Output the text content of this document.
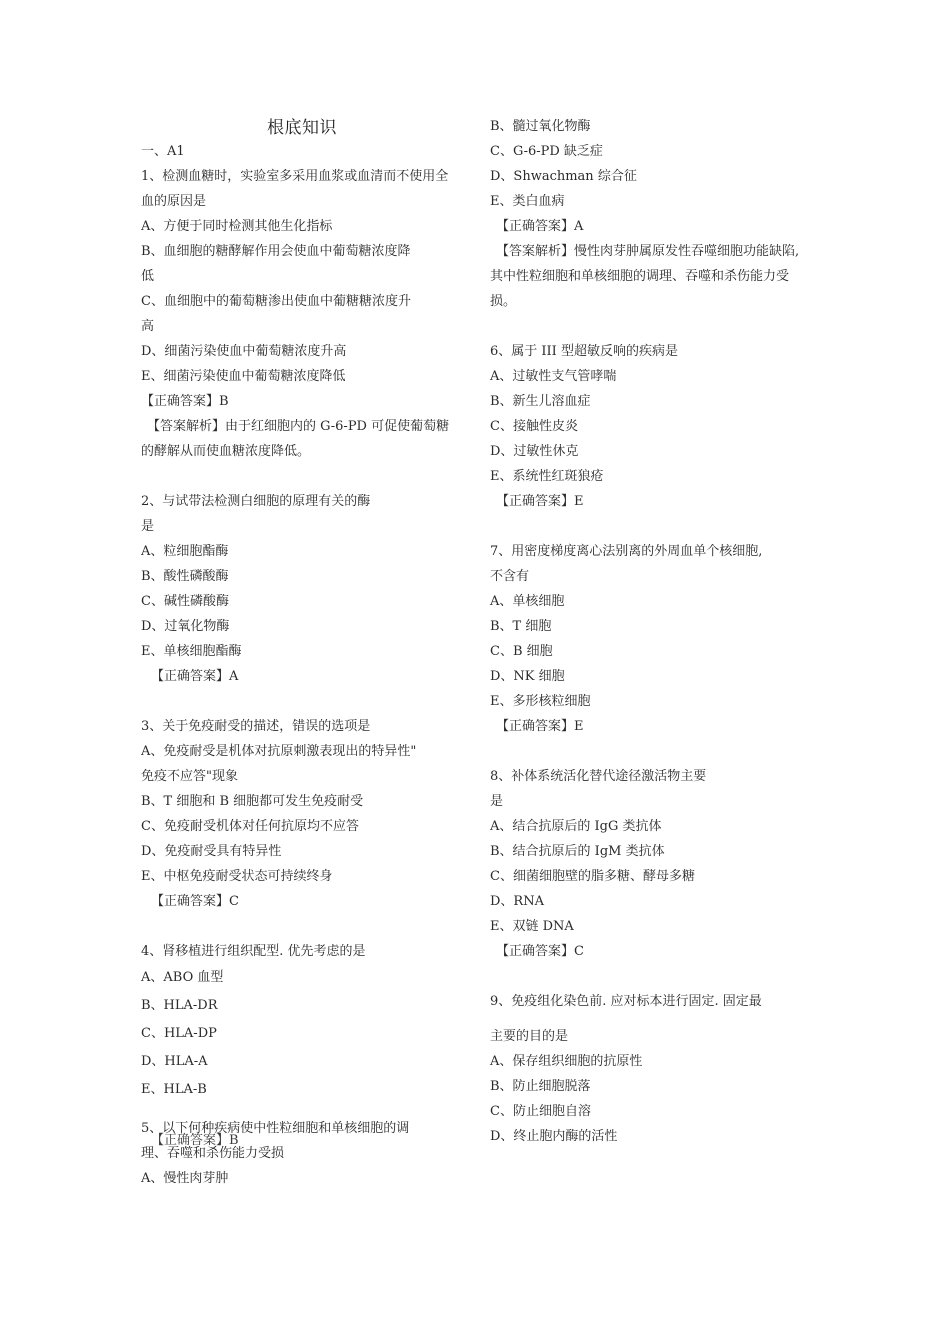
根底知识
一、A1
1、检测血糖时，实验室多采用血浆或血清而不使用全
血的原因是
A、方便于同时检测其他生化指标
B、血细胞的糖酵解作用会使血中葡萄糖浓度降
低
C、血细胞中的葡萄糖渗出使血中葡糖糖浓度升
高
D、细菌污染使血中葡萄糖浓度升高
E、细菌污染使血中葡萄糖浓度降低
【正确答案】B
【答案解析】由于红细胞内的 G-6-PD 可促使葡萄糖
的酵解从而使血糖浓度降低。
2、与试带法检测白细胞的原理有关的酶
是
A、粒细胞酯酶
B、酸性磷酸酶
C、碱性磷酸酶
D、过氧化物酶
E、单核细胞酯酶
【正确答案】A
3、关于免疫耐受的描述，错误的选项是
A、免疫耐受是机体对抗原刺激表现出的特异性"
免疫不应答"现象
B、T 细胞和 B 细胞都可发生免疫耐受
C、免疫耐受机体对任何抗原均不应答
D、免疫耐受具有特异性
E、中枢免疫耐受状态可持续终身
【正确答案】C
4、肾移植进行组织配型. 优先考虑的是
A、ABO 血型
B、HLA-DR
C、HLA-DP
D、HLA-A
E、HLA-B
5、以下何种疾病使中性粒细胞和单核细胞的调
理、吞噬和杀伤能力受损
【正确答案】B
A、慢性肉芽肿
B、髓过氧化物酶
C、G-6-PD 缺乏症
D、Shwachman 综合征
E、类白血病
【正确答案】A
【答案解析】慢性肉芽肿属原发性吞噬细胞功能缺陷,
其中性粒细胞和单核细胞的调理、吞噬和杀伤能力受
损。
6、属于 III 型超敏反响的疾病是
A、过敏性支气管哮喘
B、新生儿溶血症
C、接触性皮炎
D、过敏性休克
E、系统性红斑狼疮
【正确答案】E
7、用密度梯度离心法别离的外周血单个核细胞,
不含有
A、单核细胞
B、T 细胞
C、B 细胞
D、NK 细胞
E、多形核粒细胞
【正确答案】E
8、补体系统活化替代途径激活物主要
是
A、结合抗原后的 IgG 类抗体
B、结合抗原后的 IgM 类抗体
C、细菌细胞壁的脂多糖、酵母多糖
D、RNA
E、双链 DNA
【正确答案】C
9、免疫组化染色前. 应对标本进行固定. 固定最
主要的目的是
A、保存组织细胞的抗原性
B、防止细胞脱落
C、防止细胞自溶
D、终止胞内酶的活性
